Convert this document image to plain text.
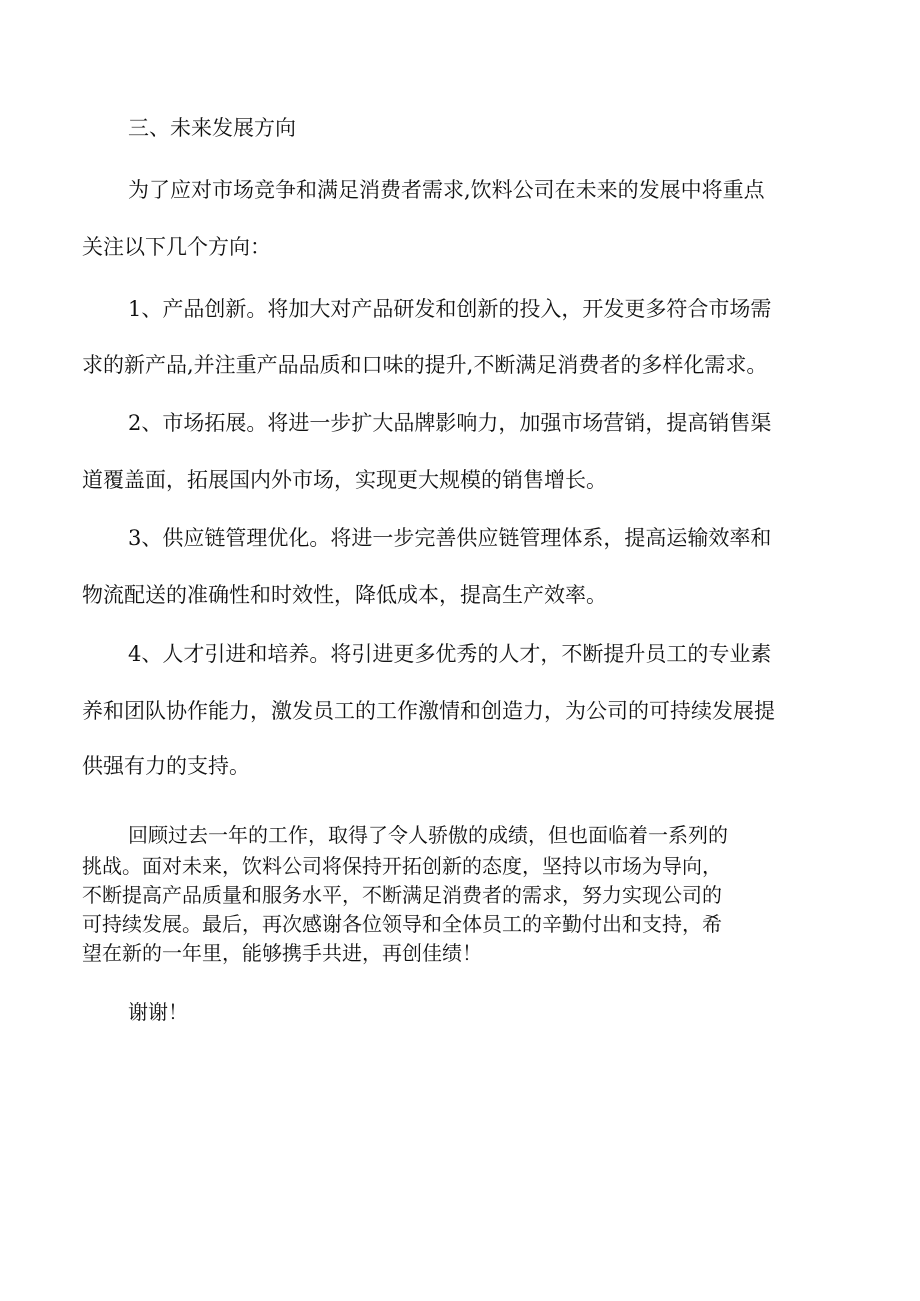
三、未来发展方向

为了应对市场竞争和满足消费者需求,饮料公司在未来的发展中将重点

关注以下几个方向：

1、产品创新。将加大对产品研发和创新的投入，开发更多符合市场需

求的新产品,并注重产品品质和口味的提升,不断满足消费者的多样化需求。

2、市场拓展。将进一步扩大品牌影响力，加强市场营销，提高销售渠

道覆盖面，拓展国内外市场，实现更大规模的销售增长。

3、供应链管理优化。将进一步完善供应链管理体系，提高运输效率和

物流配送的准确性和时效性，降低成本，提高生产效率。

4、人才引进和培养。将引进更多优秀的人才，不断提升员工的专业素

养和团队协作能力，激发员工的工作激情和创造力，为公司的可持续发展提

供强有力的支持。

回顾过去一年的工作，取得了令人骄傲的成绩，但也面临着一系列的

挑战。面对未来，饮料公司将保持开拓创新的态度，坚持以市场为导向，

不断提高产品质量和服务水平，不断满足消费者的需求，努力实现公司的

可持续发展。最后，再次感谢各位领导和全体员工的辛勤付出和支持，希

望在新的一年里，能够携手共进，再创佳绩！

谢谢！
